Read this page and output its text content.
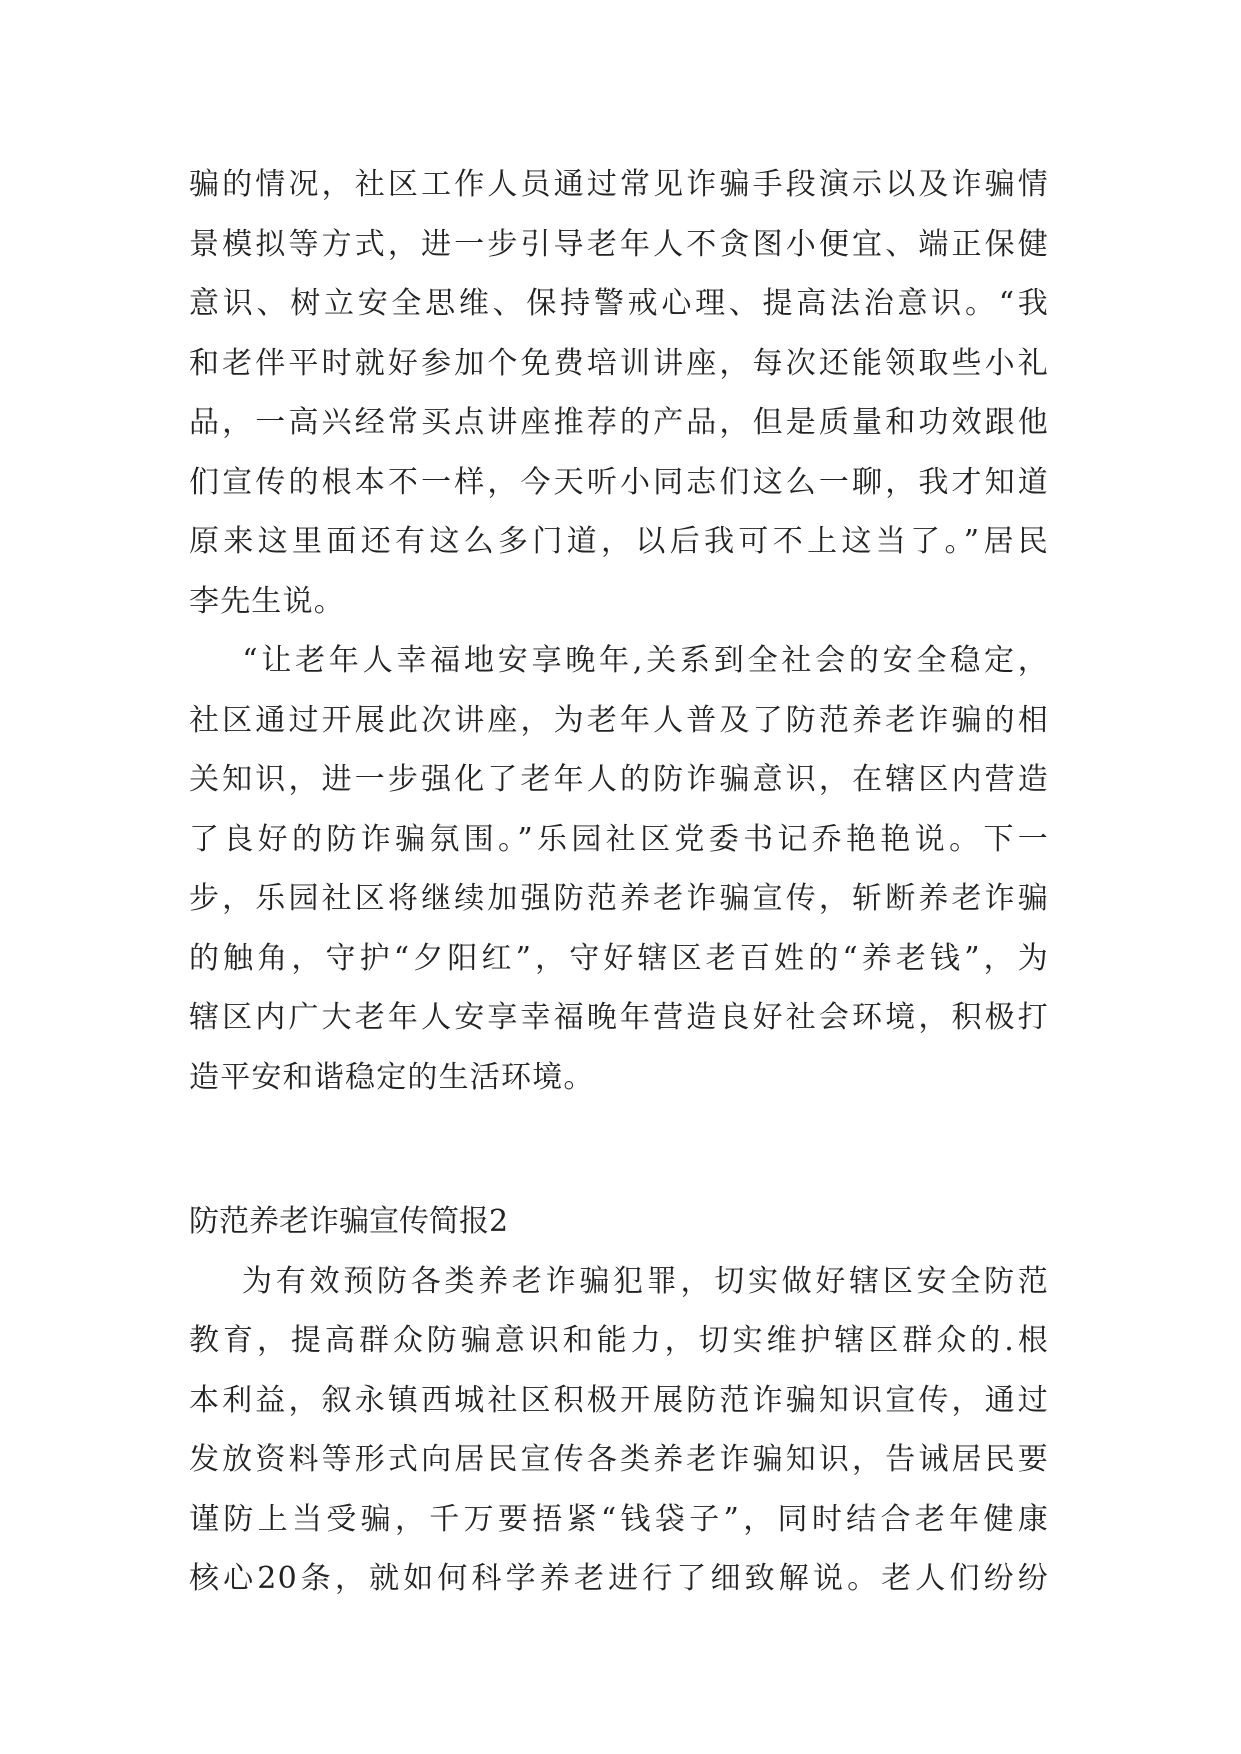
骗的情况，社区工作人员通过常见诈骗手段演示以及诈骗情
景模拟等方式，进一步引导老年人不贪图小便宜、端正保健
意识、树立安全思维、保持警戒心理、提高法治意识。“我
和老伴平时就好参加个免费培训讲座，每次还能领取些小礼
品，一高兴经常买点讲座推荐的产品，但是质量和功效跟他
们宣传的根本不一样，今天听小同志们这么一聊，我才知道
原来这里面还有这么多门道，以后我可不上这当了。”居民
李先生说。
“让老年人幸福地安享晚年,关系到全社会的安全稳定，
社区通过开展此次讲座，为老年人普及了防范养老诈骗的相
关知识，进一步强化了老年人的防诈骗意识，在辖区内营造
了良好的防诈骗氛围。”乐园社区党委书记乔艳艳说。下一
步，乐园社区将继续加强防范养老诈骗宣传，斩断养老诈骗
的触角，守护“夕阳红”，守好辖区老百姓的“养老钱”，为
辖区内广大老年人安享幸福晚年营造良好社会环境，积极打
造平安和谐稳定的生活环境。
防范养老诈骗宣传简报2
为有效预防各类养老诈骗犯罪，切实做好辖区安全防范
教育，提高群众防骗意识和能力，切实维护辖区群众的.根
本利益，叙永镇西城社区积极开展防范诈骗知识宣传，通过
发放资料等形式向居民宣传各类养老诈骗知识，告诫居民要
谨防上当受骗，千万要捂紧“钱袋子”，同时结合老年健康
核心20条，就如何科学养老进行了细致解说。老人们纷纷
